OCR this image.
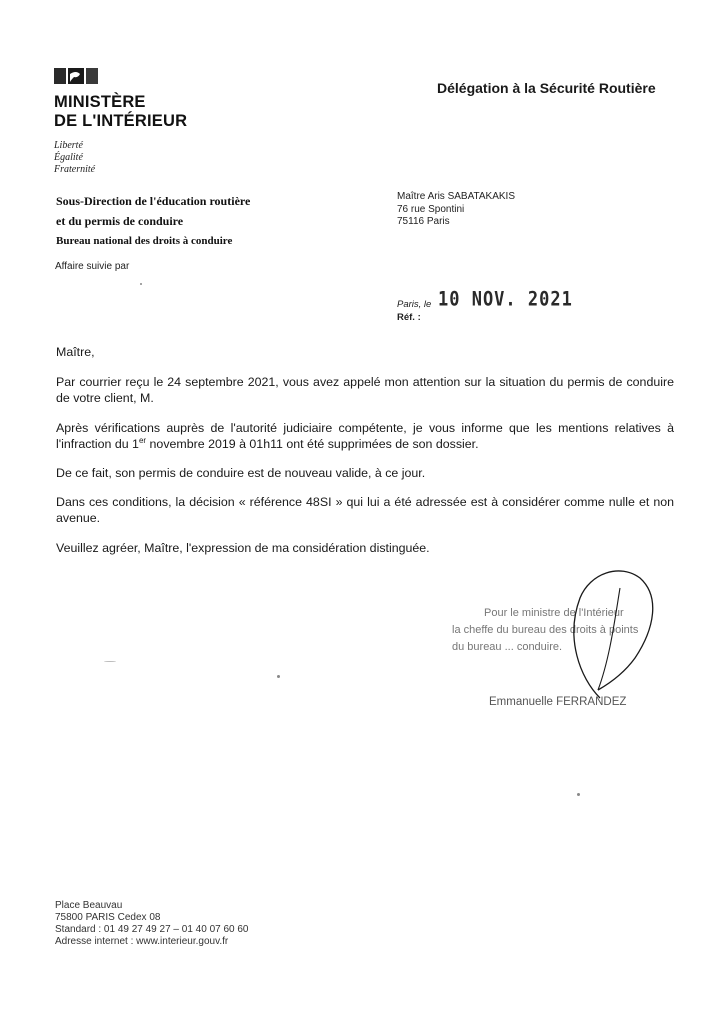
MINISTÈRE
DE L'INTÉRIEUR
Liberté
Égalité
Fraternité
Délégation à la Sécurité Routière
Sous-Direction de l'éducation routière
et du permis de conduire
Bureau national des droits à conduire
Affaire suivie par
Maître Aris SABATAKAKIS
76 rue Spontini
75116 Paris
Paris, le 10 NOV. 2021
Réf. :
Maître,
Par courrier reçu le 24 septembre 2021, vous avez appelé mon attention sur la situation du permis de conduire de votre client, M.
Après vérifications auprès de l'autorité judiciaire compétente, je vous informe que les mentions relatives à l'infraction du 1er novembre 2019 à 01h11 ont été supprimées de son dossier.
De ce fait, son permis de conduire est de nouveau valide, à ce jour.
Dans ces conditions, la décision « référence 48SI » qui lui a été adressée est à considérer comme nulle et non avenue.
Veuillez agréer, Maître, l'expression de ma considération distinguée.
Pour le ministre de l'Intérieur
la cheffe du bureau des droits à points
du bureau ... conduire.
Emmanuelle FERRANDEZ
Place Beauvau
75800 PARIS Cedex 08
Standard : 01 49 27 49 27 – 01 40 07 60 60
Adresse internet : www.interieur.gouv.fr
